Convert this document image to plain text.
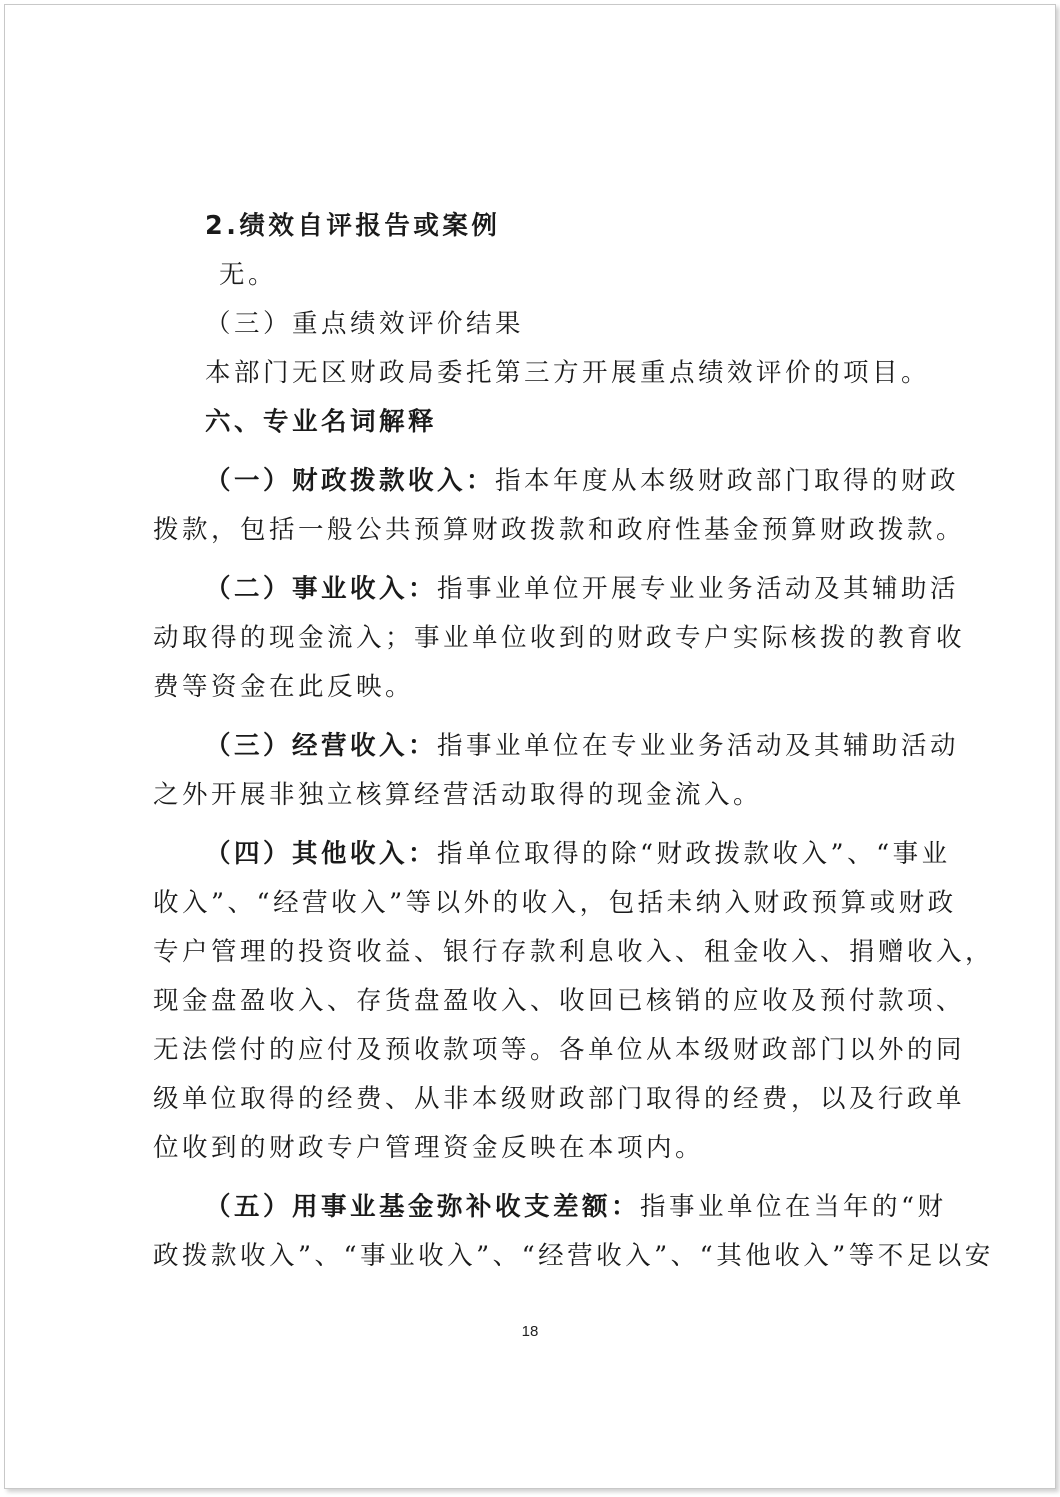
2.绩效自评报告或案例
无。
（三）重点绩效评价结果
本部门无区财政局委托第三方开展重点绩效评价的项目。
六、专业名词解释
（一）财政拨款收入：指本年度从本级财政部门取得的财政
拨款，包括一般公共预算财政拨款和政府性基金预算财政拨款。
（二）事业收入：指事业单位开展专业业务活动及其辅助活
动取得的现金流入；事业单位收到的财政专户实际核拨的教育收
费等资金在此反映。
（三）经营收入：指事业单位在专业业务活动及其辅助活动
之外开展非独立核算经营活动取得的现金流入。
（四）其他收入：指单位取得的除“财政拨款收入”、“事业
收入”、“经营收入”等以外的收入，包括未纳入财政预算或财政
专户管理的投资收益、银行存款利息收入、租金收入、捐赠收入，
现金盘盈收入、存货盘盈收入、收回已核销的应收及预付款项、
无法偿付的应付及预收款项等。各单位从本级财政部门以外的同
级单位取得的经费、从非本级财政部门取得的经费，以及行政单
位收到的财政专户管理资金反映在本项内。
（五）用事业基金弥补收支差额：指事业单位在当年的“财
政拨款收入”、“事业收入”、“经营收入”、“其他收入”等不足以安
18
